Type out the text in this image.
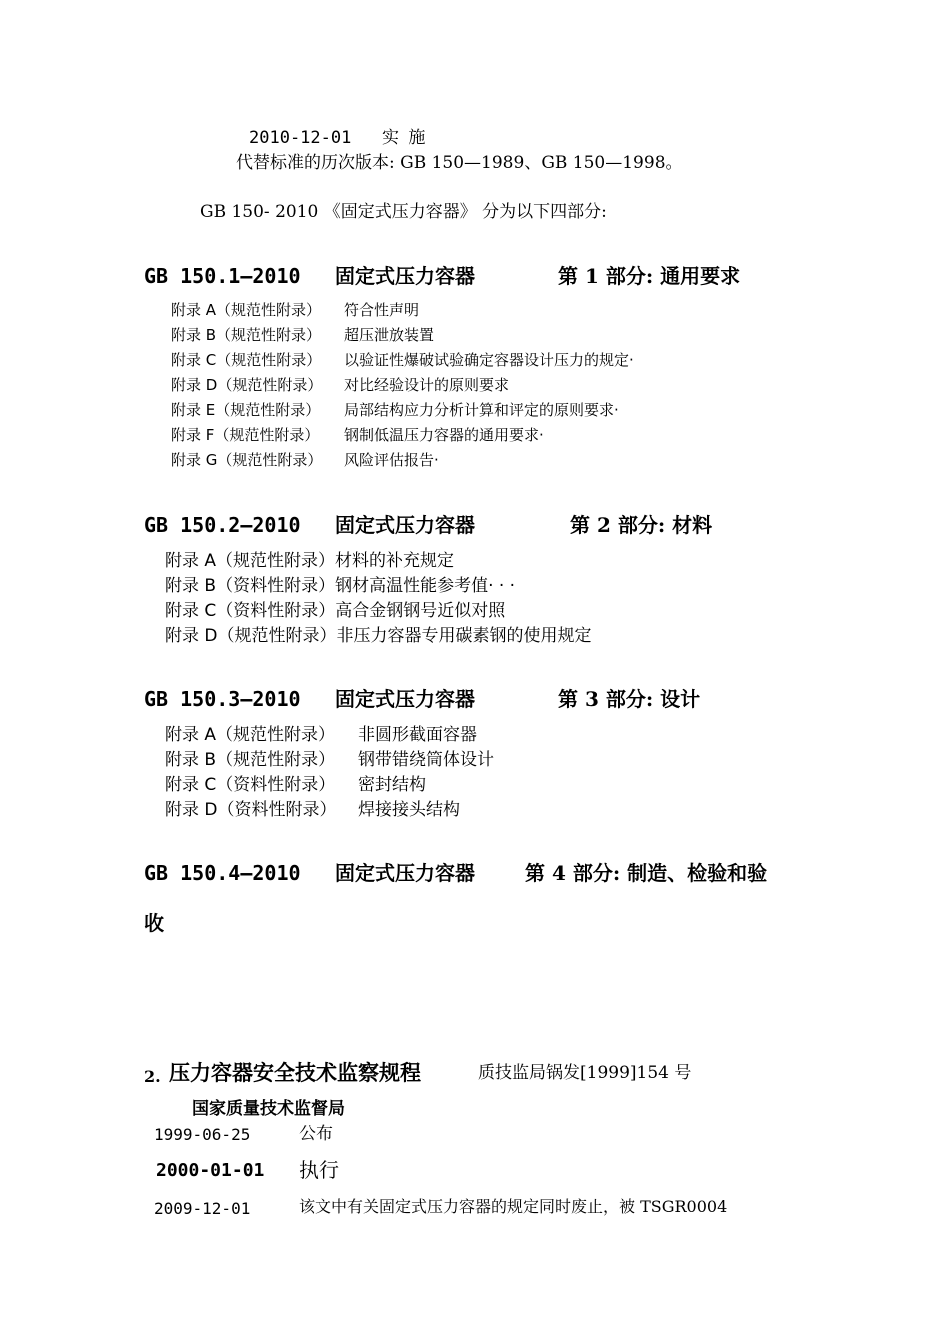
2010-12-01 实 施
代替标准的历次版本: GB 150—1989、GB 150—1998。
GB 150- 2010 《固定式压力容器》 分为以下四部分:
GB 150.1—2010 固定式压力容器	第 1 部分: 通用要求
附录 A（规范性附录） 符合性声明
附录 B（规范性附录） 超压泄放装置
附录 C（规范性附录） 以验证性爆破试验确定容器设计压力的规定·
附录 D（规范性附录） 对比经验设计的原则要求
附录 E（规范性附录） 局部结构应力分析计算和评定的原则要求·
附录 F（规范性附录） 钢制低温压力容器的通用要求·
附录 G（规范性附录） 风险评估报告·
GB 150.2—2010 固定式压力容器	第 2 部分: 材料
附录 A（规范性附录）材料的补充规定
附录 B（资料性附录）钢材高温性能参考值· · ·
附录 C（资料性附录）高合金钢钢号近似对照
附录 D（规范性附录）非压力容器专用碳素钢的使用规定
GB 150.3—2010 固定式压力容器	第 3 部分: 设计
附录 A（规范性附录） 非圆形截面容器
附录 B（规范性附录） 钢带错绕筒体设计
附录 C（资料性附录） 密封结构
附录 D（资料性附录） 焊接接头结构
GB 150.4—2010 固定式压力容器	第 4 部分: 制造、检验和验
收
2. 压力容器安全技术监察规程	质技监局锅发[1999]154 号
国家质量技术监督局
1999-06-25	公布
2000-01-01 执行
2009-12-01	该文中有关固定式压力容器的规定同时废止，被 TSGR0004
